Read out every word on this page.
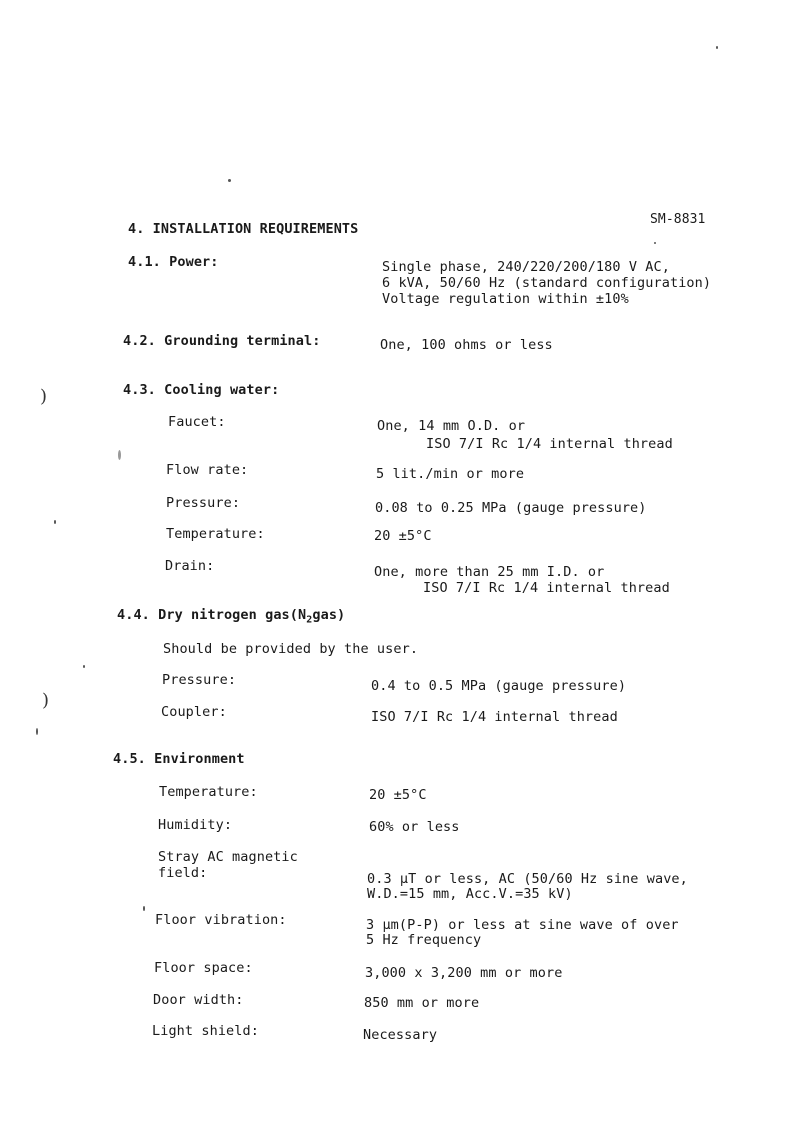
)
)
SM-8831
4. INSTALLATION REQUIREMENTS
4.1. Power:	Single phase, 240/220/200/180 V AC,
6 kVA, 50/60 Hz (standard configuration)
Voltage regulation within ±10%
4.2. Grounding terminal:	One, 100 ohms or less
4.3. Cooling water:
Faucet:	One, 14 mm O.D. or
ISO 7/I Rc 1/4 internal thread
Flow rate:	5 lit./min or more
Pressure:	0.08 to 0.25 MPa (gauge pressure)
Temperature:	20 ±5°C
Drain:	One, more than 25 mm I.D. or
ISO 7/I Rc 1/4 internal thread
4.4. Dry nitrogen $gas(N_2gas)$
Should be provided by the user.
Pressure:	0.4 to 0.5 MPa (gauge pressure)
Coupler:	ISO 7/I Rc 1/4 internal thread
4.5. Environment
Temperature:	20 ±5°C
Humidity:	60% or less
Stray AC magnetic
field:	0.3 µT or less, AC (50/60 Hz sine wave,
W.D.=15 mm, Acc.V.=35 kV)
Floor vibration:	3 µm(P-P) or less at sine wave of over
5 Hz frequency
Floor space:	3,000 x 3,200 mm or more
Door width:	850 mm or more
Light shield:	Necessary
